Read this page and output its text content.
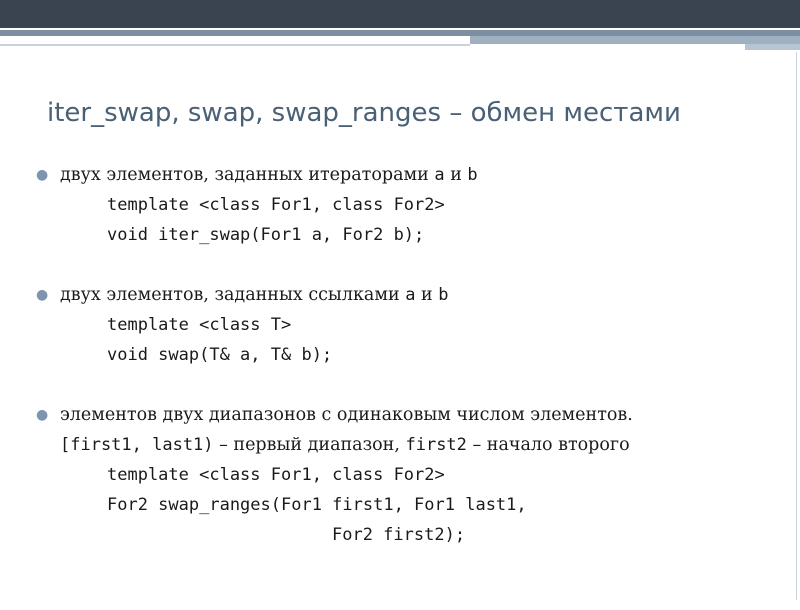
iter_swap, swap, swap_ranges – обмен местами

●

двух элементов, заданных итераторами a и b

template <class For1, class For2>

void iter_swap(For1 a, For2 b);

●

двух элементов, заданных ссылками a и b

template <class T>

void swap(T& a, T& b);

●

элементов двух диапазонов с одинаковым числом элементов.

[first1, last1) – первый диапазон, first2 – начало второго

template <class For1, class For2>

For2 swap_ranges(For1 first1, For1 last1,

For2 first2);
